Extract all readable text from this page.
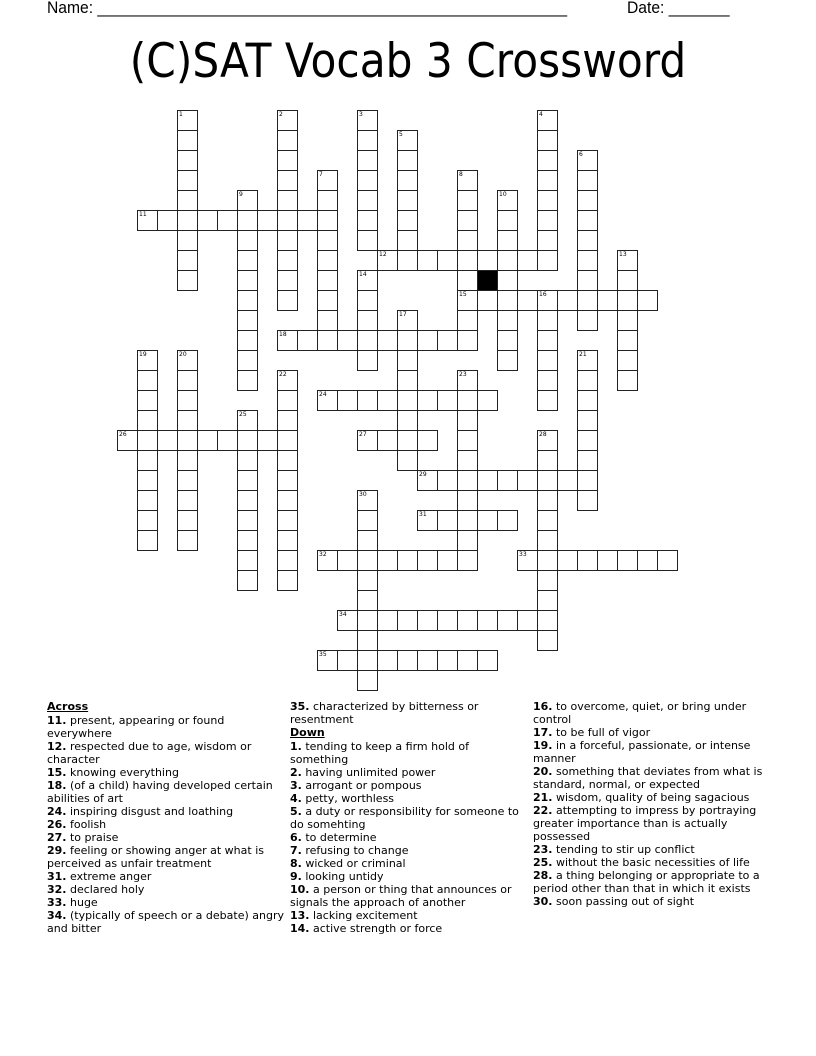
Name: ______________________________________________________	Date: _______
(C)SAT Vocab 3 Crossword
1	2	3	4
5
6
7	8
15
9	10
11
12	13
14
16
17
18
19	20	21
22	23
24
25
26	27	28
29
30
31
32	33
34
35
Across
11. present, appearing or found everywhere
12. respected due to age, wisdom or character
15. knowing everything
18. (of a child) having developed certain abilities of art
24. inspiring disgust and loathing
26. foolish
27. to praise
29. feeling or showing anger at what is perceived as unfair treatment
31. extreme anger
32. declared holy
33. huge
34. (typically of speech or a debate) angry and bitter
35. characterized by bitterness or resentment
Down
1. tending to keep a firm hold of something
2. having unlimited power
3. arrogant or pompous
4. petty, worthless
5. a duty or responsibility for someone to do somehting
6. to determine
7. refusing to change
8. wicked or criminal
9. looking untidy
10. a person or thing that announces or signals the approach of another
13. lacking excitement
14. active strength or force
16. to overcome, quiet, or bring under control
17. to be full of vigor
19. in a forceful, passionate, or intense manner
20. something that deviates from what is standard, normal, or expected
21. wisdom, quality of being sagacious
22. attempting to impress by portraying greater importance than is actually possessed
23. tending to stir up conflict
25. without the basic necessities of life
28. a thing belonging or appropriate to a period other than that in which it exists
30. soon passing out of sight
